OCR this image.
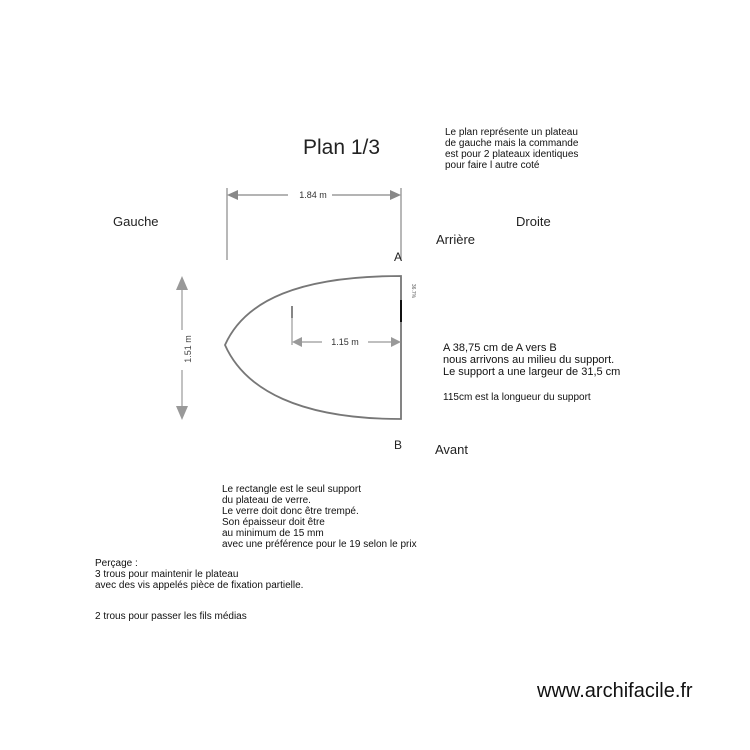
1.84 m
1.51 m
36.7%
1.15 m
Plan 1/3
Gauche	Droite
Arrière
Avant
A
B
Le plan représente un plateau
de gauche mais la commande
est pour 2 plateaux identiques
pour faire l autre coté
A 38,75 cm de A vers B
nous arrivons au milieu du support.
Le support a une largeur de 31,5 cm
115cm est la longueur du support
Le rectangle est le seul support
du plateau de verre.
Le verre doit donc être trempé.
Son épaisseur doit être
au minimum de 15 mm
avec une préférence pour le 19 selon le prix
Perçage :
3 trous pour maintenir le plateau
avec des vis appelés pièce de fixation partielle.
2 trous pour passer les fils médias
www.archifacile.fr
